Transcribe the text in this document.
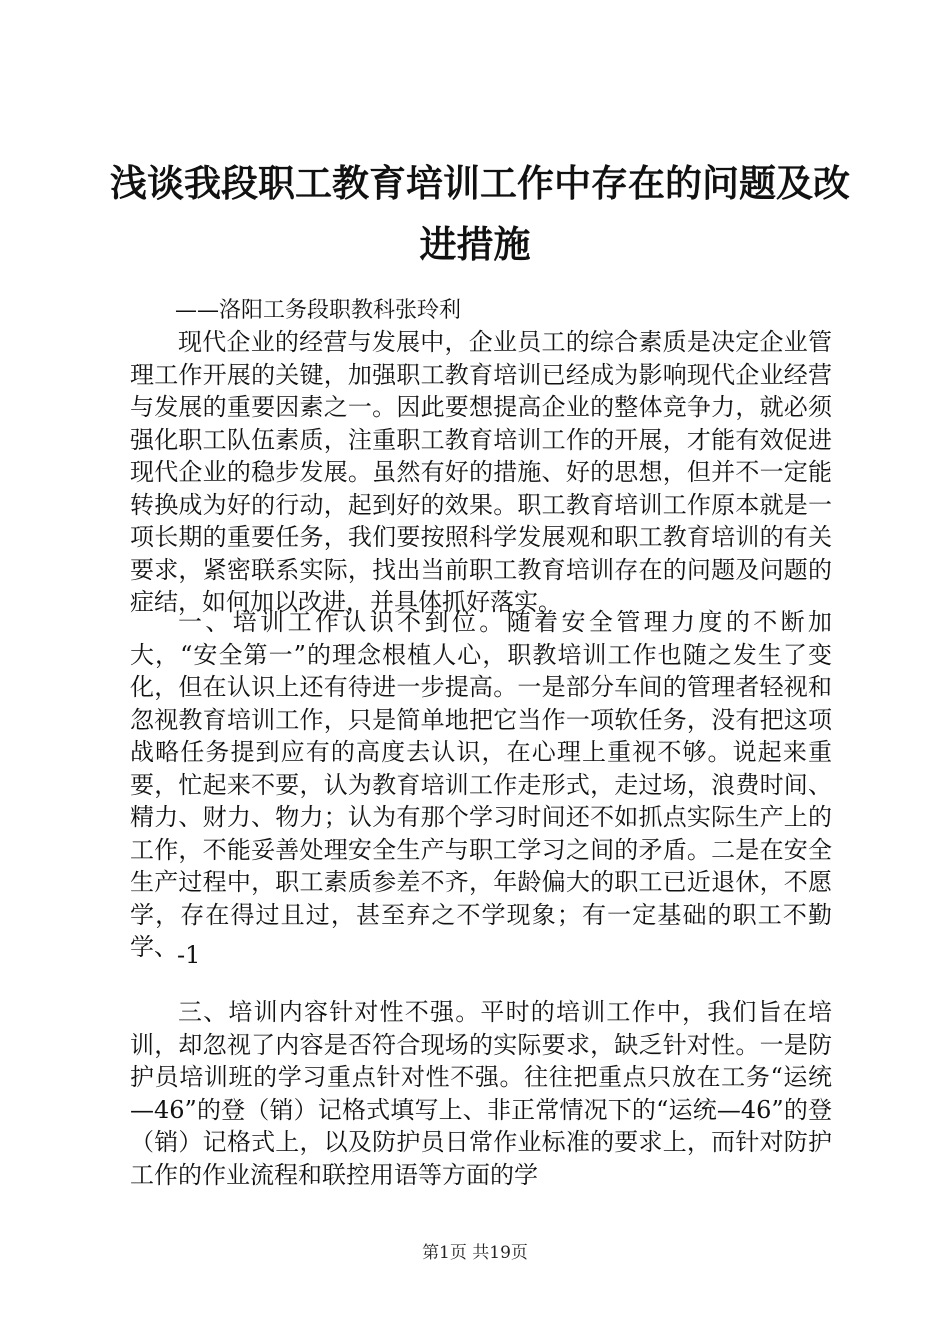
浅谈我段职工教育培训工作中存在的问题及改
进措施
——洛阳工务段职教科张玲利

现代企业的经营与发展中，企业员工的综合素质是决定企业管理工作开展的关键，加强职工教育培训已经成为影响现代企业经营与发展的重要因素之一。因此要想提高企业的整体竞争力，就必须强化职工队伍素质，注重职工教育培训工作的开展，才能有效促进现代企业的稳步发展。虽然有好的措施、好的思想，但并不一定能转换成为好的行动，起到好的效果。职工教育培训工作原本就是一项长期的重要任务，我们要按照科学发展观和职工教育培训的有关要求，紧密联系实际，找出当前职工教育培训存在的问题及问题的症结，如何加以改进，并具体抓好落实。

一、培训工作认识不到位。随着安全管理力度的不断加大，“安全第一”的理念根植人心，职教培训工作也随之发生了变化，但在认识上还有待进一步提高。一是部分车间的管理者轻视和忽视教育培训工作，只是简单地把它当作一项软任务，没有把这项战略任务提到应有的高度去认识，在心理上重视不够。说起来重要，忙起来不要，认为教育培训工作走形式，走过场，浪费时间、精力、财力、物力；认为有那个学习时间还不如抓点实际生产上的工作，不能妥善处理安全生产与职工学习之间的矛盾。二是在安全生产过程中，职工素质参差不齐，年龄偏大的职工已近退休，不愿学，存在得过且过，甚至弃之不学现象；有一定基础的职工不勤学、 -1

三、培训内容针对性不强。平时的培训工作中，我们旨在培训，却忽视了内容是否符合现场的实际要求，缺乏针对性。一是防护员培训班的学习重点针对性不强。往往把重点只放在工务“运统—46”的登（销）记格式填写上、非正常情况下的“运统—46”的登（销）记格式上，以及防护员日常作业标准的要求上，而针对防护工作的作业流程和联控用语等方面的学

第1页 共19页
